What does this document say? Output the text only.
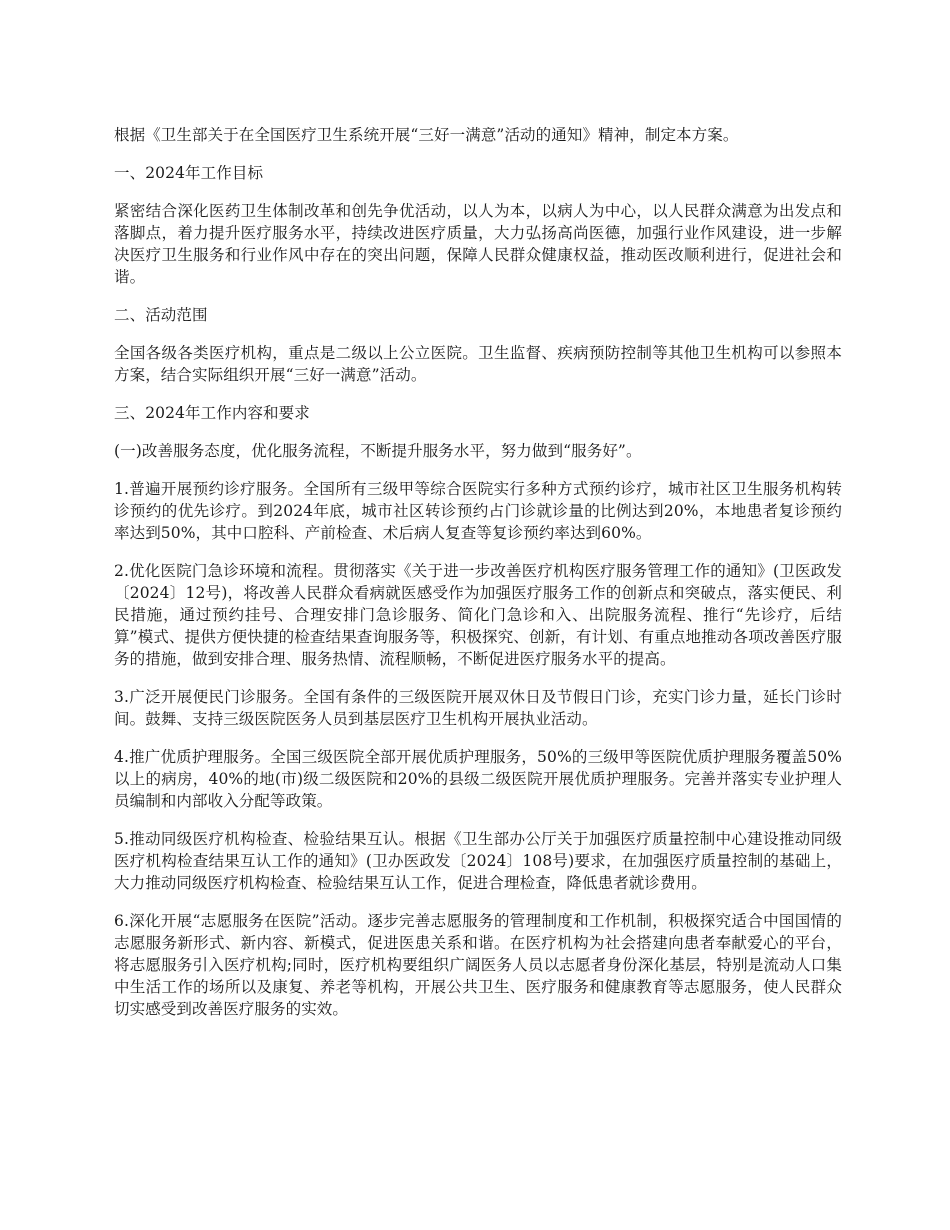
根据《卫生部关于在全国医疗卫生系统开展“三好一满意”活动的通知》精神，制定本方案。

一、2024年工作目标

紧密结合深化医药卫生体制改革和创先争优活动，以人为本，以病人为中心，以人民群众满意为出发点和落脚点，着力提升医疗服务水平，持续改进医疗质量，大力弘扬高尚医德，加强行业作风建设，进一步解决医疗卫生服务和行业作风中存在的突出问题，保障人民群众健康权益，推动医改顺利进行，促进社会和谐。

二、活动范围

全国各级各类医疗机构，重点是二级以上公立医院。卫生监督、疾病预防控制等其他卫生机构可以参照本方案，结合实际组织开展“三好一满意”活动。

三、2024年工作内容和要求

(一)改善服务态度，优化服务流程，不断提升服务水平，努力做到“服务好”。

1.普遍开展预约诊疗服务。全国所有三级甲等综合医院实行多种方式预约诊疗，城市社区卫生服务机构转诊预约的优先诊疗。到2024年底，城市社区转诊预约占门诊就诊量的比例达到20%，本地患者复诊预约率达到50%，其中口腔科、产前检查、术后病人复查等复诊预约率达到60%。

2.优化医院门急诊环境和流程。贯彻落实《关于进一步改善医疗机构医疗服务管理工作的通知》(卫医政发〔2024〕12号)，将改善人民群众看病就医感受作为加强医疗服务工作的创新点和突破点，落实便民、利民措施，通过预约挂号、合理安排门急诊服务、简化门急诊和入、出院服务流程、推行“先诊疗，后结算”模式、提供方便快捷的检查结果查询服务等，积极探究、创新，有计划、有重点地推动各项改善医疗服务的措施，做到安排合理、服务热情、流程顺畅，不断促进医疗服务水平的提高。

3.广泛开展便民门诊服务。全国有条件的三级医院开展双休日及节假日门诊，充实门诊力量，延长门诊时间。鼓舞、支持三级医院医务人员到基层医疗卫生机构开展执业活动。

4.推广优质护理服务。全国三级医院全部开展优质护理服务，50%的三级甲等医院优质护理服务覆盖50%以上的病房，40%的地(市)级二级医院和20%的县级二级医院开展优质护理服务。完善并落实专业护理人员编制和内部收入分配等政策。

5.推动同级医疗机构检查、检验结果互认。根据《卫生部办公厅关于加强医疗质量控制中心建设推动同级医疗机构检查结果互认工作的通知》(卫办医政发〔2024〕108号)要求，在加强医疗质量控制的基础上，大力推动同级医疗机构检查、检验结果互认工作，促进合理检查，降低患者就诊费用。

6.深化开展“志愿服务在医院”活动。逐步完善志愿服务的管理制度和工作机制，积极探究适合中国国情的志愿服务新形式、新内容、新模式，促进医患关系和谐。在医疗机构为社会搭建向患者奉献爱心的平台，将志愿服务引入医疗机构;同时，医疗机构要组织广阔医务人员以志愿者身份深化基层，特别是流动人口集中生活工作的场所以及康复、养老等机构，开展公共卫生、医疗服务和健康教育等志愿服务，使人民群众切实感受到改善医疗服务的实效。
